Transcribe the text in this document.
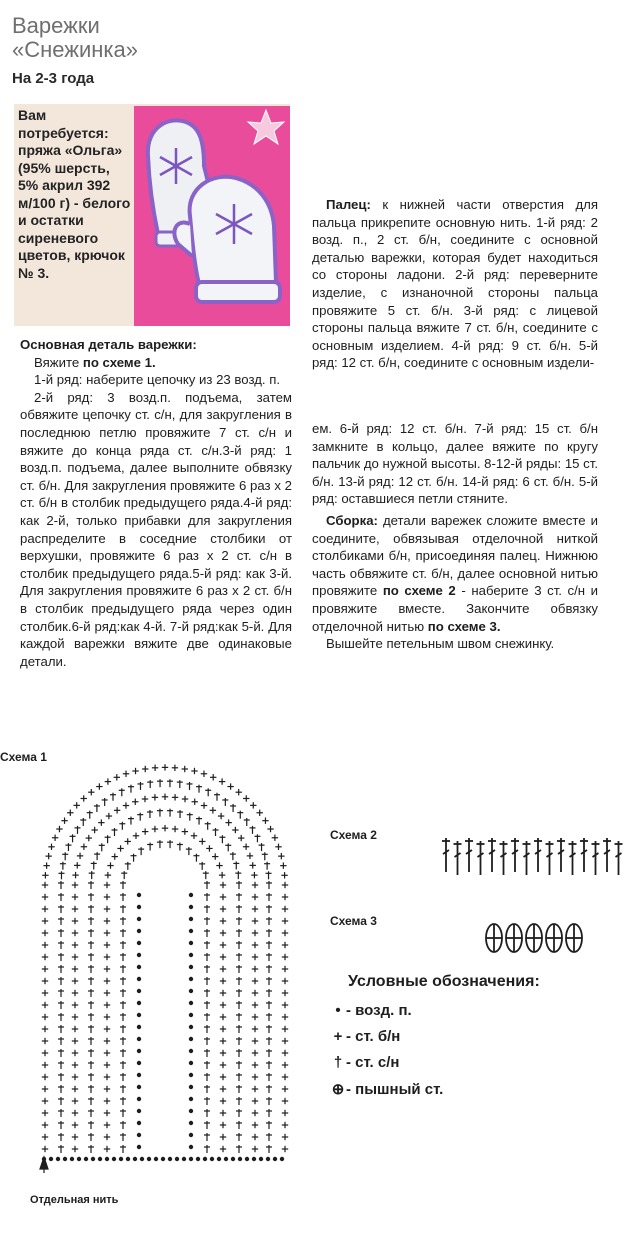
Варежки
«Снежинка»
На 2-3 года
Вам потребуется: пряжа «Ольга» (95% шерсть, 5% акрил 392 м/100 г) - белого и остатки сиреневого цветов, крючок № 3.

Основная деталь варежки:

Вяжите по схеме 1.

1-й ряд: наберите цепочку из 23 возд. п.

2-й ряд: 3 возд.п. подъема, затем обвяжите цепочку ст. с/н, для закругления в последнюю петлю провяжите 7 ст. с/н и вяжите до конца ряда ст. с/н.3-й ряд: 1 возд.п. подъема, далее выполните обвязку ст. б/н. Для закругления провяжите 6 раз х 2 ст. б/н в столбик предыдущего ряда.4-й ряд: как 2-й, только прибавки для закругления распределите в соседние столбики от верхушки, провяжите 6 раз х 2 ст. с/н в столбик предыдущего ряда.5-й ряд: как 3-й. Для закругления провяжите 6 раз х 2 ст. б/н в столбик предыдущего ряда через один столбик.6-й ряд:как 4-й. 7-й ряд:как 5-й. Для каждой варежки вяжите две одинаковые детали.

Палец: к нижней части отверстия для пальца прикрепите основную нить. 1-й ряд: 2 возд. п., 2 ст. б/н, соедините с основной деталью варежки, которая будет находиться со стороны ладони. 2-й ряд: переверните изделие, с изнаночной стороны пальца провяжите 5 ст. б/н. 3-й ряд: с лицевой стороны пальца вяжите 7 ст. б/н, соедините с основным изделием. 4-й ряд: 9 ст. б/н. 5-й ряд: 12 ст. б/н, соедините с основным издели-

ем. 6-й ряд: 12 ст. б/н. 7-й ряд: 15 ст. б/н замкните в кольцо, далее вяжите по кругу пальчик до нужной высоты. 8-12-й ряды: 15 ст. б/н. 13-й ряд: 12 ст. б/н. 14-й ряд: 6 ст. б/н. 5-й ряд: оставшиеся петли стяните.

Сборка: детали варежек сложите вместе и соедините, обвязывая отделочной ниткой столбиками б/н, присоединяя палец. Нижнюю часть обвяжите ст. б/н, далее основной нитью провяжите по схеме 2 - наберите 3 ст. с/н и провяжите вместе. Закончите обвязку отделочной нитью по схеме 3.

Вышейте петельным швом снежинку.

Схема 1
Отдельная нить
Схема 2
Схема 3
Условные обозначения:
• - возд. п.
+ - ст. б/н
† - ст. с/н
⊕ - пышный ст.
